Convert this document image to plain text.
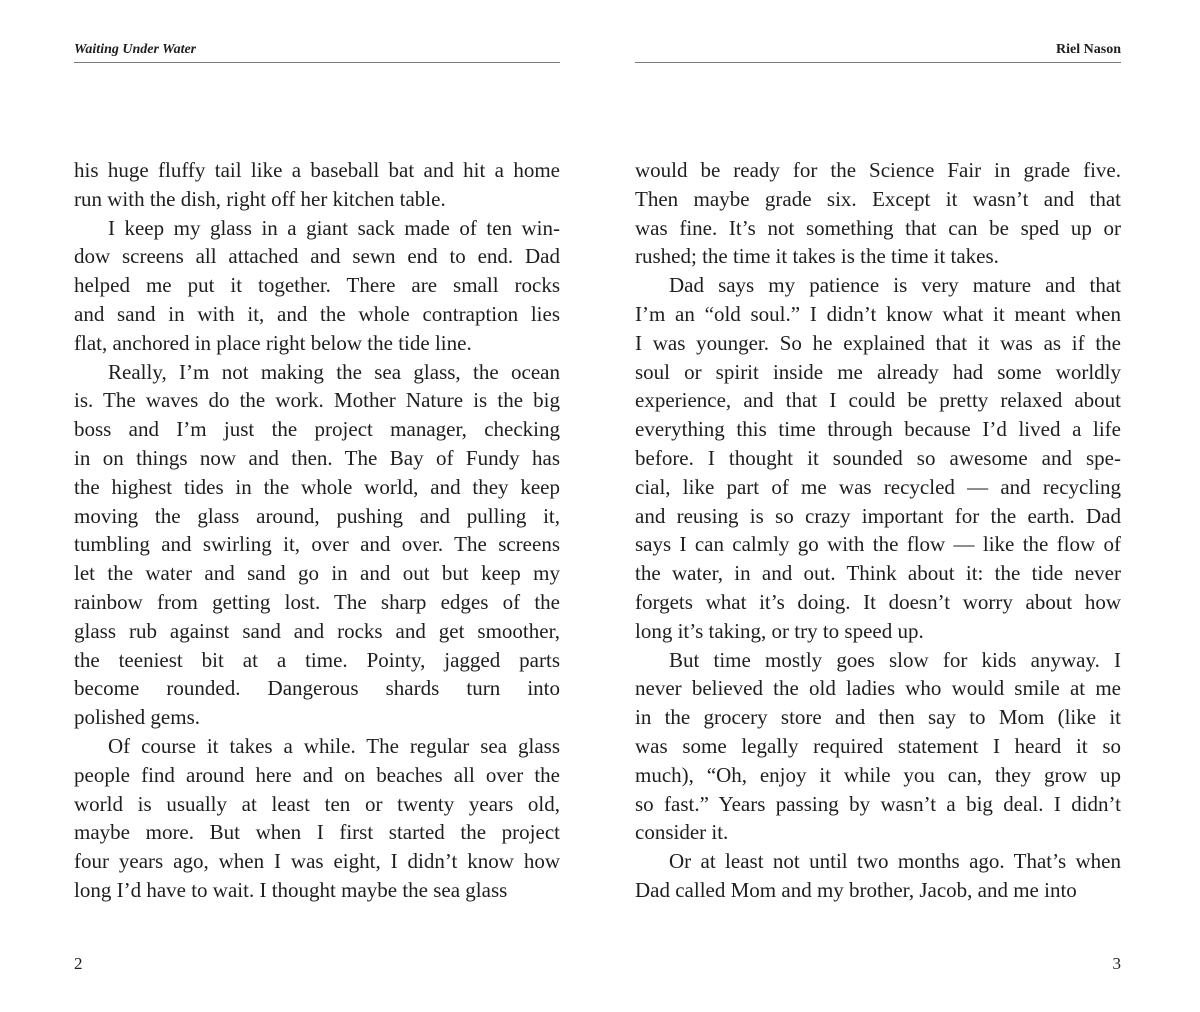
Waiting Under Water

his huge fluffy tail like a baseball bat and hit a home

run with the dish, right off her kitchen table.

I keep my glass in a giant sack made of ten win-

dow screens all attached and sewn end to end. Dad

helped me put it together. There are small rocks

and sand in with it, and the whole contraption lies

flat, anchored in place right below the tide line.

Really, I’m not making the sea glass, the ocean

is. The waves do the work. Mother Nature is the big

boss and I’m just the project manager, checking

in on things now and then. The Bay of Fundy has

the highest tides in the whole world, and they keep

moving the glass around, pushing and pulling it,

tumbling and swirling it, over and over. The screens

let the water and sand go in and out but keep my

rainbow from getting lost. The sharp edges of the

glass rub against sand and rocks and get smoother,

the teeniest bit at a time. Pointy, jagged parts

become rounded. Dangerous shards turn into

polished gems.

Of course it takes a while. The regular sea glass

people find around here and on beaches all over the

world is usually at least ten or twenty years old,

maybe more. But when I first started the project

four years ago, when I was eight, I didn’t know how

long I’d have to wait. I thought maybe the sea glass

2
Riel Nason

would be ready for the Science Fair in grade five.

Then maybe grade six. Except it wasn’t and that

was fine. It’s not something that can be sped up or

rushed; the time it takes is the time it takes.

Dad says my patience is very mature and that

I’m an “old soul.” I didn’t know what it meant when

I was younger. So he explained that it was as if the

soul or spirit inside me already had some worldly

experience, and that I could be pretty relaxed about

everything this time through because I’d lived a life

before. I thought it sounded so awesome and spe-

cial, like part of me was recycled — and recycling

and reusing is so crazy important for the earth. Dad

says I can calmly go with the flow — like the flow of

the water, in and out. Think about it: the tide never

forgets what it’s doing. It doesn’t worry about how

long it’s taking, or try to speed up.

But time mostly goes slow for kids anyway. I

never believed the old ladies who would smile at me

in the grocery store and then say to Mom (like it

was some legally required statement I heard it so

much), “Oh, enjoy it while you can, they grow up

so fast.” Years passing by wasn’t a big deal. I didn’t

consider it.

Or at least not until two months ago. That’s when

Dad called Mom and my brother, Jacob, and me into

3
